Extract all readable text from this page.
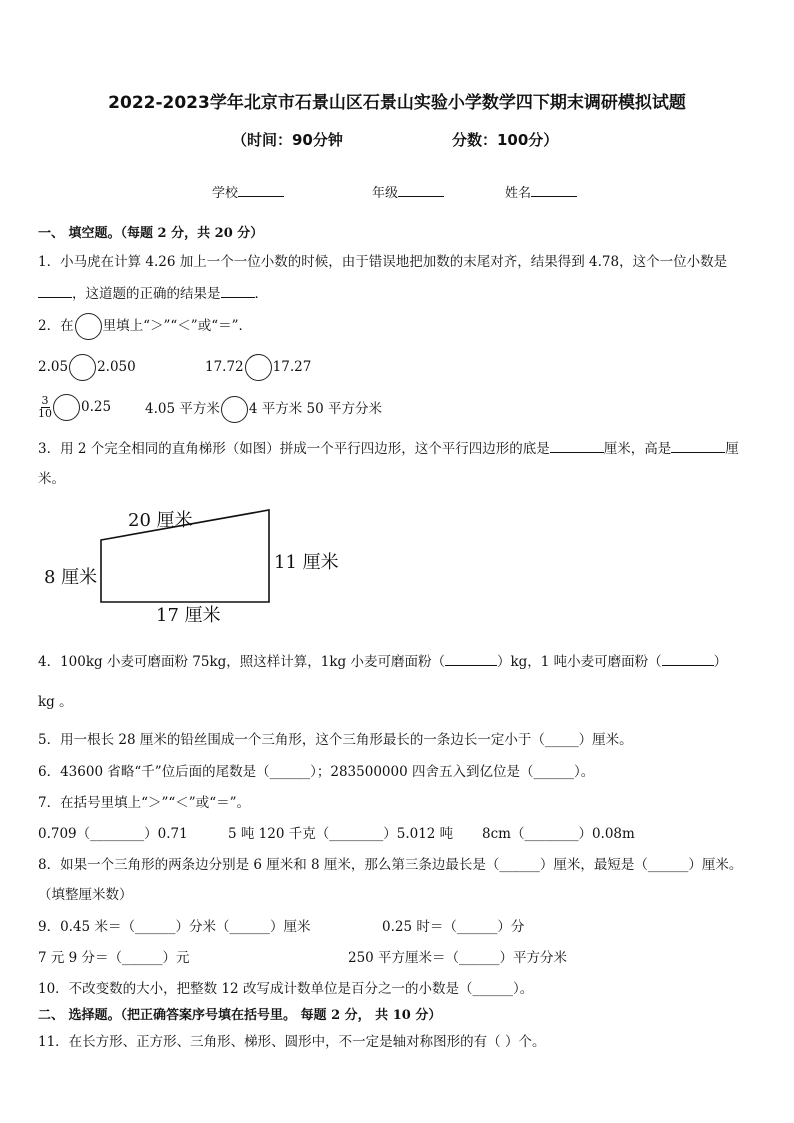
2022-2023学年北京市石景山区石景山实验小学数学四下期末调研模拟试题
（时间：90分钟	分数：100分）
学校	年级	姓名
一、 填空题。（每题 2 分，共 20 分）
1．小马虎在计算 4.26 加上一个一位小数的时候，由于错误地把加数的末尾对齐，结果得到 4.78，这个一位小数是
，这道题的正确的结果是	．
2．在 里填上“＞”“＜”或“＝”．
2.05 2.050	17.72 17.27
$\frac{3}{10} 0.25$	4.05 平方米 4 平方米 50 平方分米
3．用 2 个完全相同的直角梯形（如图）拼成一个平行四边形，这个平行四边形的底是	厘米，高是	厘
米。
20 厘米
8 厘米
11 厘米
17 厘米
4．100kg 小麦可磨面粉 75kg，照这样计算，1kg 小麦可磨面粉（	）kg，1 吨小麦可磨面粉（	）
kg 。
5．用一根长 28 厘米的铅丝围成一个三角形，这个三角形最长的一条边长一定小于（_____）厘米。
6．43600 省略“千”位后面的尾数是（______）；283500000 四舍五入到亿位是（______）。
7．在括号里填上“＞”“＜”或“＝”。
0.709（________）0.71	5 吨 120 千克（________）5.012 吨 8cm（________）0.08m
8．如果一个三角形的两条边分别是 6 厘米和 8 厘米，那么第三条边最长是（______）厘米，最短是（______）厘米。
（填整厘米数）
9．0.45 米＝（______）分米（______）厘米	0.25 时＝（______）分
7 元 9 分＝（______）元	250 平方厘米＝（______）平方分米
10．不改变数的大小，把整数 12 改写成计数单位是百分之一的小数是（______）。
二、 选择题。（把正确答案序号填在括号里。 每题 2 分， 共 10 分）
11．在长方形、正方形、三角形、梯形、圆形中，不一定是轴对称图形的有（ ）个。
